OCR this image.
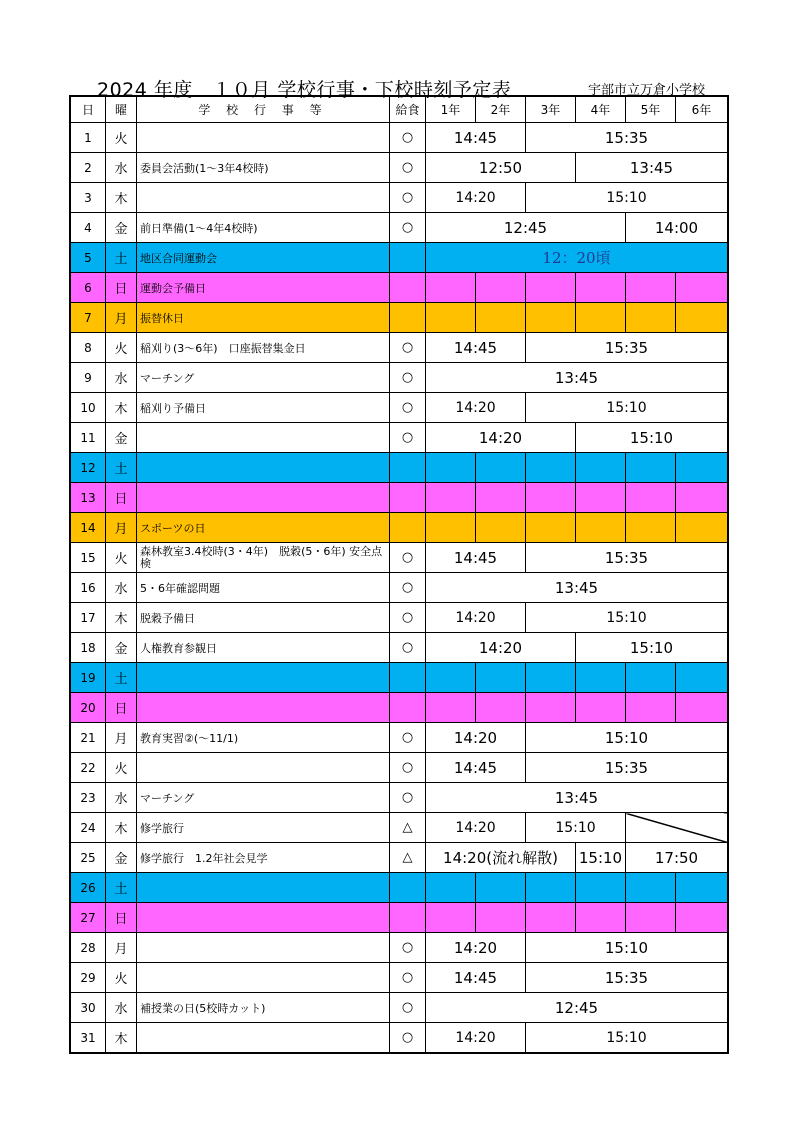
2024 年度　１０月 学校行事・下校時刻予定表	宇部市立万倉小学校
日	曜	学 校 行 事 等	給食	1年	2年	3年	4年	5年	6年
1	火		○	14:45		15:35			
2	水	委員会活動(1～3年4校時)	○	12:50			13:45		
3	木		○	14:20		15:10			
4	金	前日準備(1～4年4校時)	○	12:45				14:00	
5	土	地区合同運動会		12：20頃					
6	日	運動会予備日							
7	月	振替休日							
8	火	稲刈り(3～6年)　口座振替集金日	○	14:45		15:35			
9	水	マーチング	○	13:45					
10	木	稲刈り予備日	○	14:20		15:10			
11	金		○	14:20			15:10		
12	土								
13	日								
14	月	スポーツの日							
15	火	森林教室3.4校時(3・4年)　脱穀(5・6年) 安全点検	○	14:45		15:35			
16	水	5・6年確認問題	○	13:45					
17	木	脱穀予備日	○	14:20		15:10			
18	金	人権教育参観日	○	14:20			15:10		
19	土								
20	日								
21	月	教育実習②(～11/1)	○	14:20		15:10			
22	火		○	14:45		15:35			
23	水	マーチング	○	13:45					
24	木	修学旅行	△	14:20		15:10			
25	金	修学旅行　1.2年社会見学	△	14:20(流れ解散)			15:10	17:50	
26	土								
27	日								
28	月		○	14:20		15:10			
29	火		○	14:45		15:35			
30	水	補授業の日(5校時カット)	○	12:45					
31	木		○	14:20		15:10			
